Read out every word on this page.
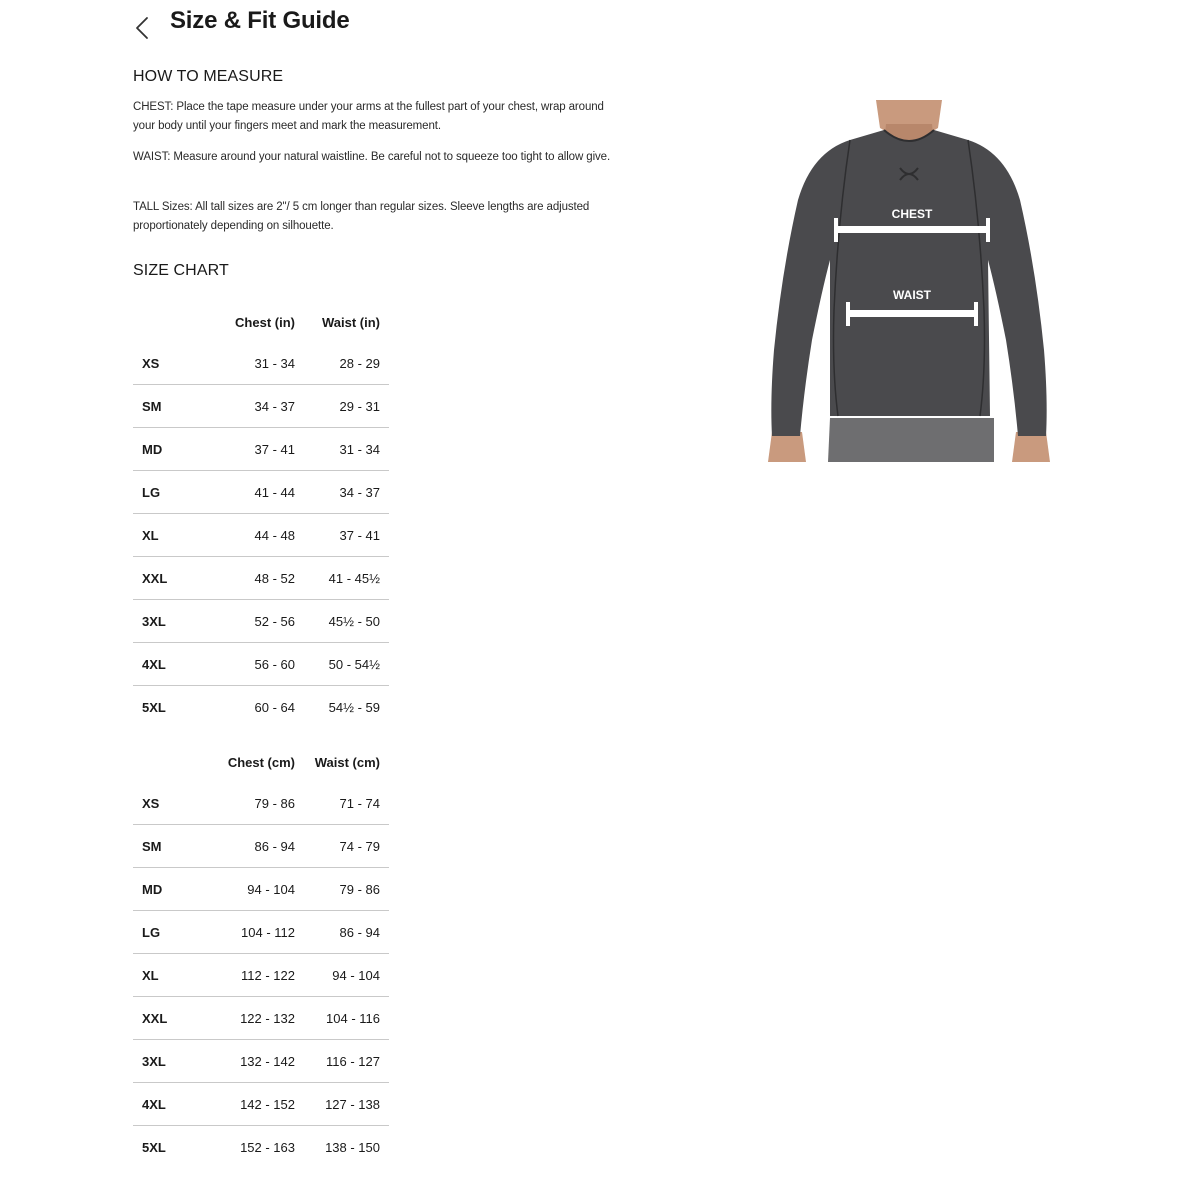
Size & Fit Guide
HOW TO MEASURE

CHEST: Place the tape measure under your arms at the fullest part of your chest, wrap around your body until your fingers meet and mark the measurement.

WAIST: Measure around your natural waistline. Be careful not to squeeze too tight to allow give.

TALL Sizes: All tall sizes are 2"/ 5 cm longer than regular sizes. Sleeve lengths are adjusted proportionately depending on silhouette.

SIZE CHART
	Chest (in)	Waist (in)
XS	31 - 34	28 - 29
SM	34 - 37	29 - 31
MD	37 - 41	31 - 34
LG	41 - 44	34 - 37
XL	44 - 48	37 - 41
XXL	48 - 52	41 - 45½
3XL	52 - 56	45½ - 50
4XL	56 - 60	50 - 54½
5XL	60 - 64	54½ - 59
	Chest (cm)	Waist (cm)
XS	79 - 86	71 - 74
SM	86 - 94	74 - 79
MD	94 - 104	79 - 86
LG	104 - 112	86 - 94
XL	112 - 122	94 - 104
XXL	122 - 132	104 - 116
3XL	132 - 142	116 - 127
4XL	142 - 152	127 - 138
5XL	152 - 163	138 - 150
CHEST
WAIST
